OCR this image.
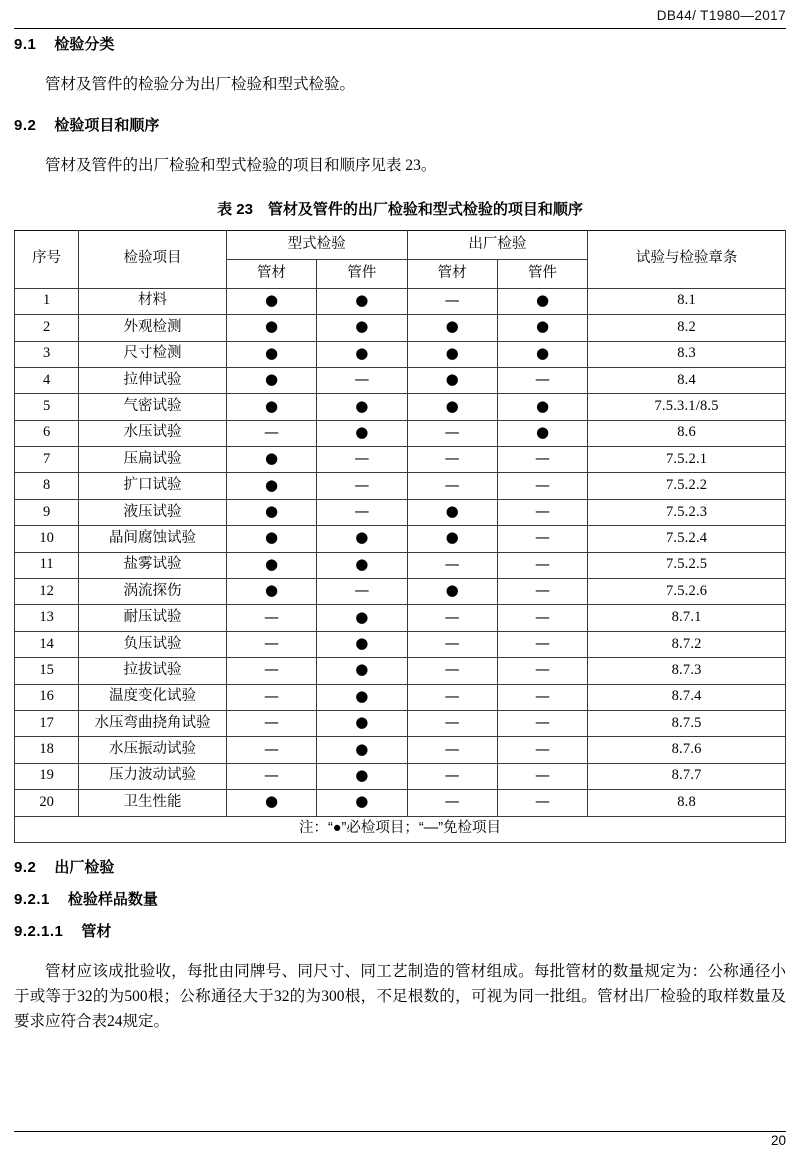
DB44/ T1980—2017
9.1 检验分类

管材及管件的检验分为出厂检验和型式检验。

9.2 检验项目和顺序

管材及管件的出厂检验和型式检验的项目和顺序见表 23。

表 23　管材及管件的出厂检验和型式检验的项目和顺序

序号	检验项目	型式检验		出厂检验		试验与检验章条
		管材	管件	管材	管件	
1	材料	●	●	—	●	8.1
2	外观检测	●	●	●	●	8.2
3	尺寸检测	●	●	●	●	8.3
4	拉伸试验	●	—	●	—	8.4
5	气密试验	●	●	●	●	7.5.3.1/8.5
6	水压试验	—	●	—	●	8.6
7	压扁试验	●	—	—	—	7.5.2.1
8	扩口试验	●	—	—	—	7.5.2.2
9	液压试验	●	—	●	—	7.5.2.3
10	晶间腐蚀试验	●	●	●	—	7.5.2.4
11	盐雾试验	●	●	—	—	7.5.2.5
12	涡流探伤	●	—	●	—	7.5.2.6
13	耐压试验	—	●	—	—	8.7.1
14	负压试验	—	●	—	—	8.7.2
15	拉拔试验	—	●	—	—	8.7.3
16	温度变化试验	—	●	—	—	8.7.4
17	水压弯曲挠角试验	—	●	—	—	8.7.5
18	水压振动试验	—	●	—	—	8.7.6
19	压力波动试验	—	●	—	—	8.7.7
20	卫生性能	●	●	—	—	8.8
注：“●”必检项目；“—”免检项目						
9.2 出厂检验
9.2.1 检验样品数量
9.2.1.1 管材

管材应该成批验收，每批由同牌号、同尺寸、同工艺制造的管材组成。每批管材的数量规定为：公称通径小于或等于32的为500根；公称通径大于32的为300根，不足根数的，可视为同一批组。管材出厂检验的取样数量及要求应符合表24规定。

20
